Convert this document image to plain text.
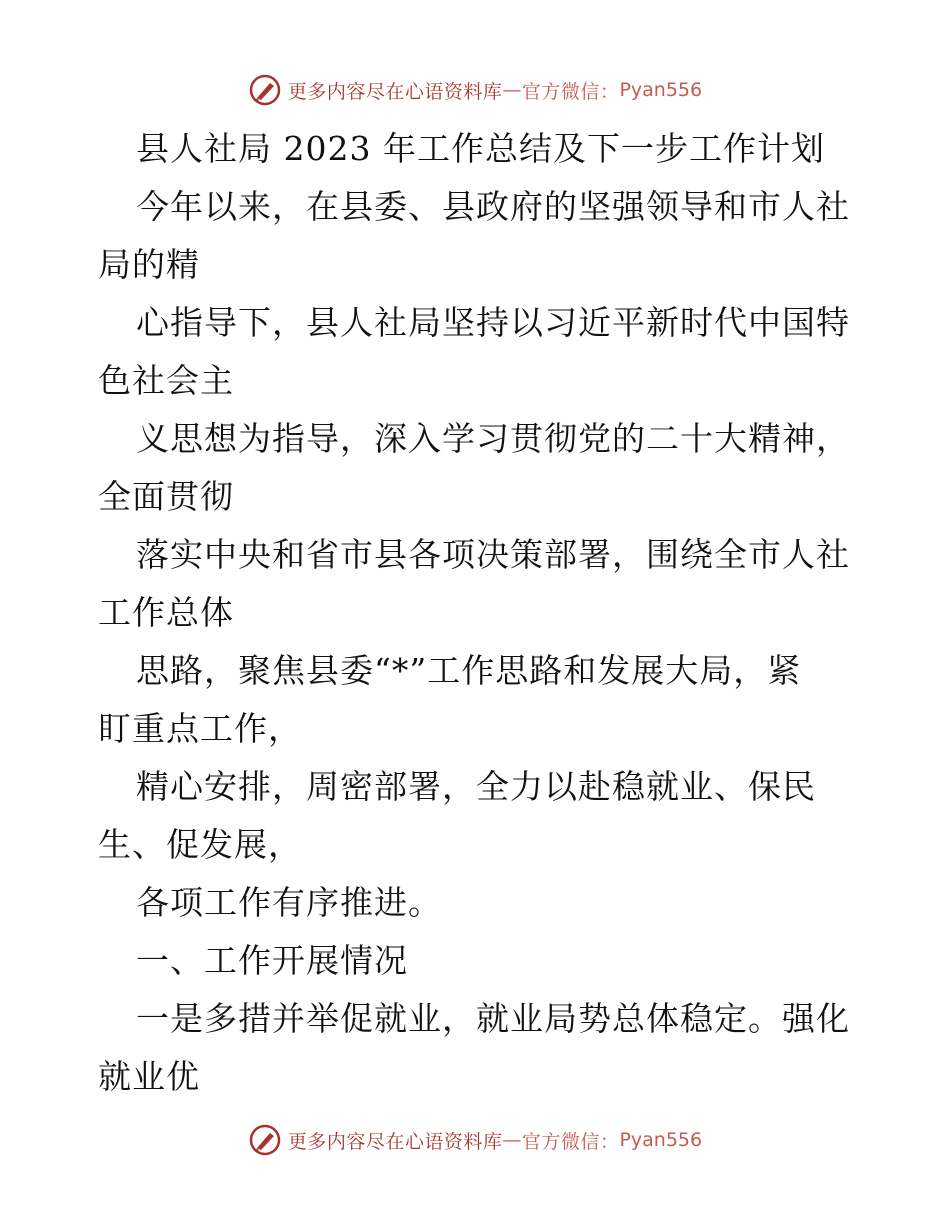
更多内容尽在心语资料库 — 官方微信： Pyan556
县人社局 2023 年工作总结及下一步工作计划
今年以来，在县委、县政府的坚强领导和市人社
局的精
心指导下，县人社局坚持以习近平新时代中国特
色社会主
义思想为指导，深入学习贯彻党的二十大精神，
全面贯彻
落实中央和省市县各项决策部署，围绕全市人社
工作总体
思路，聚焦县委“*”工作思路和发展大局，紧
盯重点工作，
精心安排，周密部署，全力以赴稳就业、保民
生、促发展，
各项工作有序推进。
一、工作开展情况
一是多措并举促就业，就业局势总体稳定。强化
就业优
更多内容尽在心语资料库 — 官方微信： Pyan556
